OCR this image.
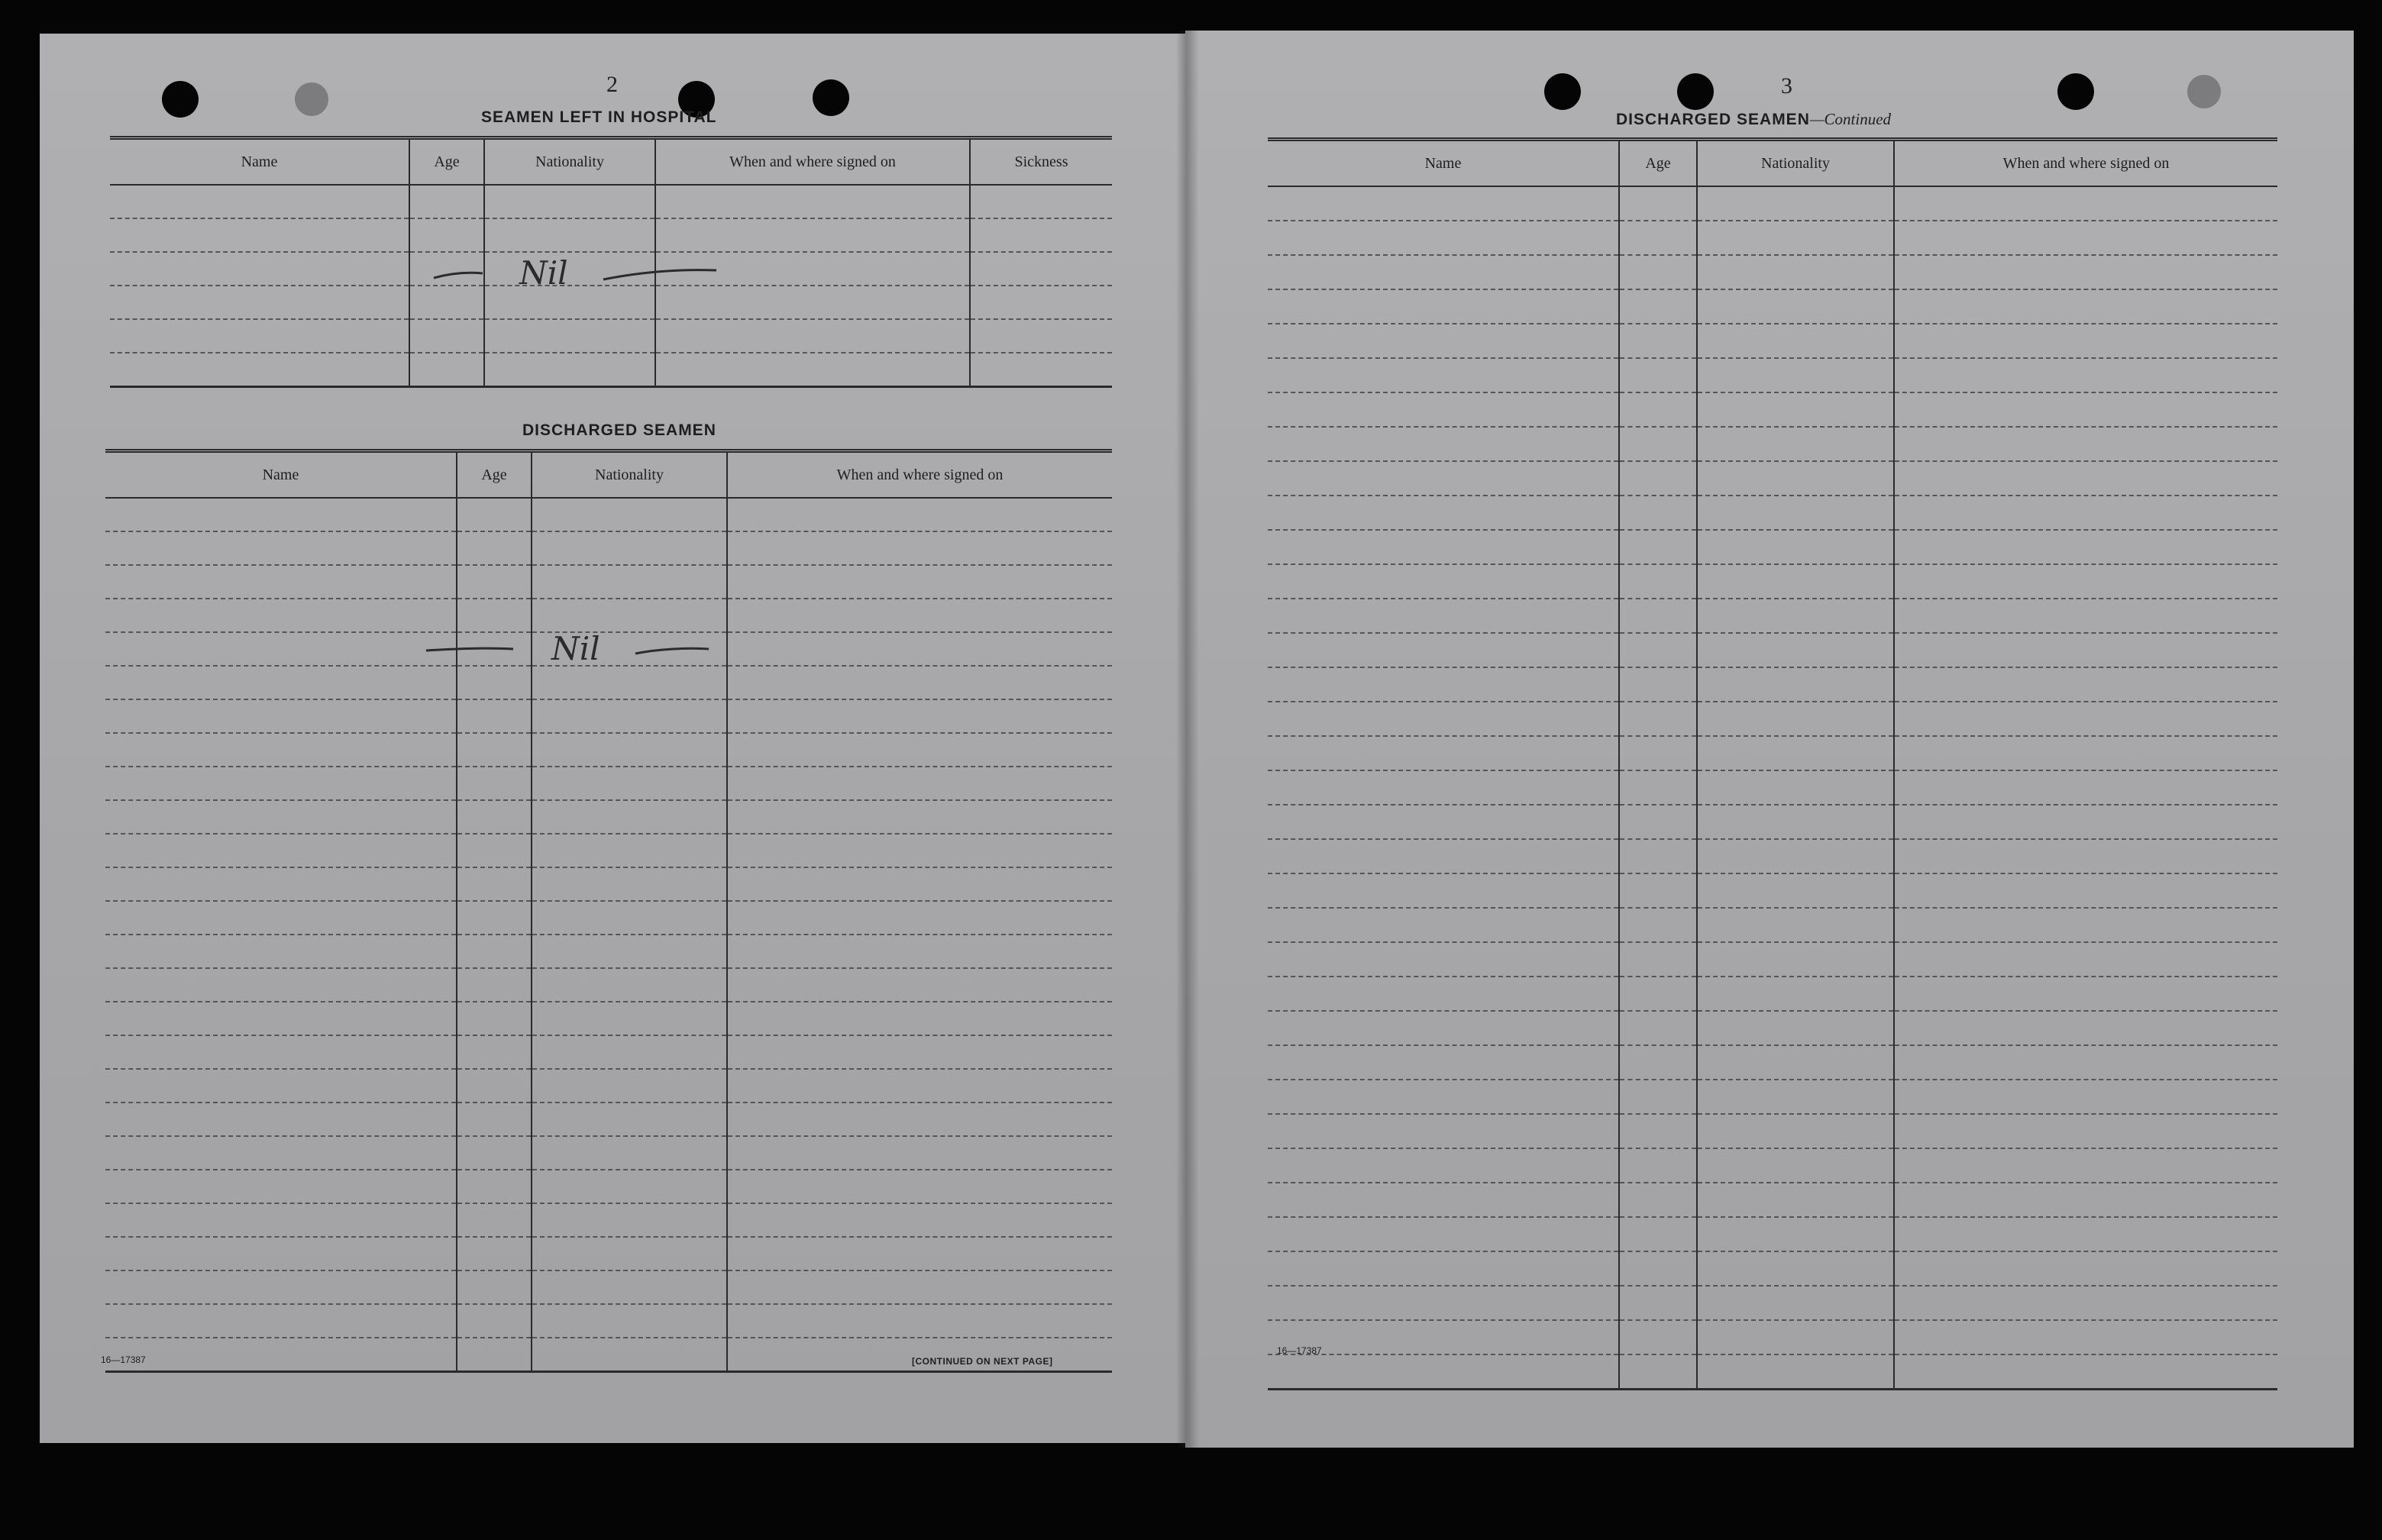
2
SEAMEN LEFT IN HOSPITAL
Name	Age	Nationality	When and where signed on	Sickness

Nil
DISCHARGED SEAMEN
Name	Age	Nationality	When and where signed on

Nil
16—17387	[CONTINUED ON NEXT PAGE]
3
DISCHARGED SEAMEN—Continued
Name	Age	Nationality	When and where signed on

16—17387
